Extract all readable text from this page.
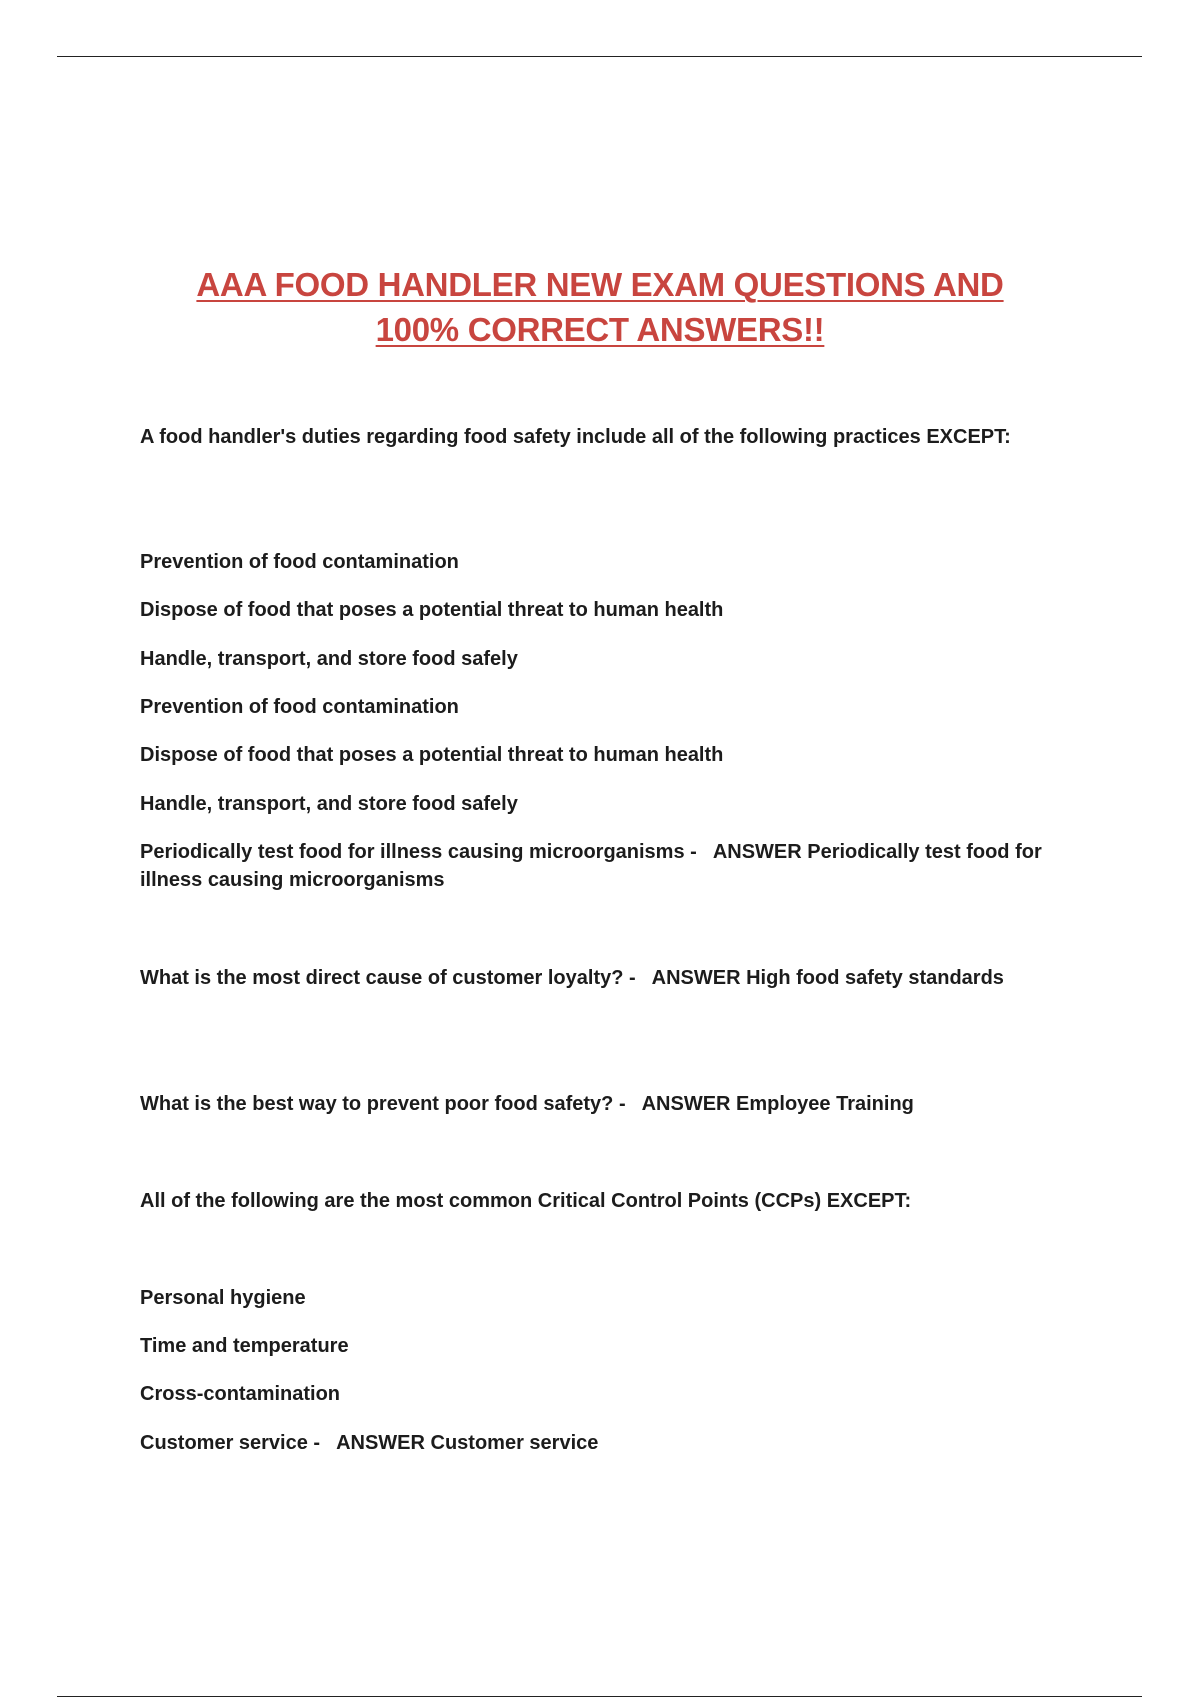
AAA FOOD HANDLER NEW EXAM QUESTIONS AND
100% CORRECT ANSWERS!!
A food handler's duties regarding food safety include all of the following practices EXCEPT:
Prevention of food contamination
Dispose of food that poses a potential threat to human health
Handle, transport, and store food safely
Prevention of food contamination
Dispose of food that poses a potential threat to human health
Handle, transport, and store food safely
Periodically test food for illness causing microorganisms - ANSWER Periodically test food for illness causing microorganisms
What is the most direct cause of customer loyalty? - ANSWER High food safety standards
What is the best way to prevent poor food safety? - ANSWER Employee Training
All of the following are the most common Critical Control Points (CCPs) EXCEPT:
Personal hygiene
Time and temperature
Cross-contamination
Customer service - ANSWER Customer service
